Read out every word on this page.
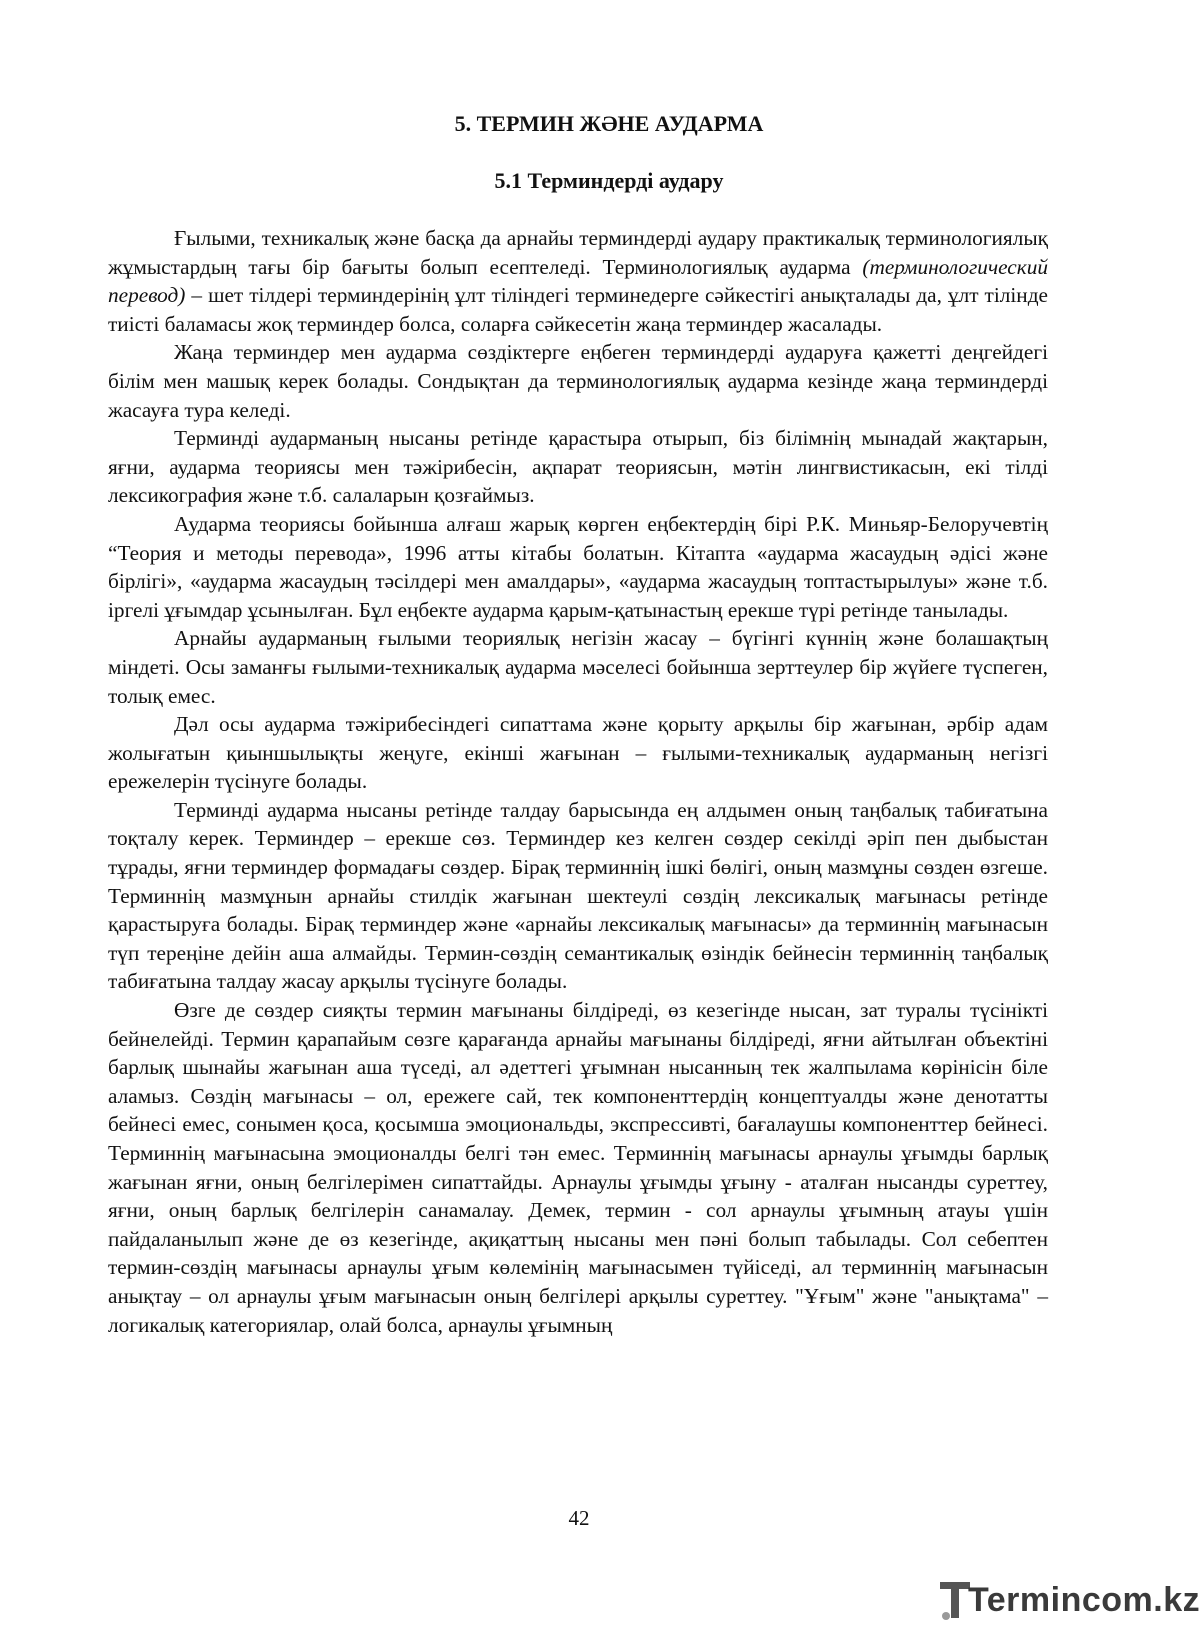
5. ТЕРМИН ЖӘНЕ АУДАРМА
5.1 Терминдерді аудару

Ғылыми, техникалық және басқа да арнайы терминдерді аудару практикалық терминологиялық жұмыстардың тағы бір бағыты болып есептеледі. Терминологиялық аударма (терминологический перевод) – шет тілдері терминдерінің ұлт тіліндегі терминедерге сәйкестігі анықталады да, ұлт тілінде тиісті баламасы жоқ терминдер болса, соларға сәйкесетін жаңа терминдер жасалады.

Жаңа терминдер мен аударма сөздіктерге еңбеген терминдерді аударуға қажетті деңгейдегі білім мен машық керек болады. Сондықтан да терминологиялық аударма кезінде жаңа терминдерді жасауға тура келеді.

Терминді аударманың нысаны ретінде қарастыра отырып, біз білімнің мынадай жақтарын, яғни, аударма теориясы мен тәжірибесін, ақпарат теориясын, мәтін лингвистикасын, екі тілді лексикография және т.б. салаларын қозғаймыз.

Аударма теориясы бойынша алғаш жарық көрген еңбектердің бірі Р.К. Миньяр-Белоручевтің “Теория и методы перевода», 1996 атты кітабы болатын. Кітапта «аударма жасаудың әдісі және бірлігі», «аударма жасаудың тәсілдері мен амалдары», «аударма жасаудың топтастырылуы» және т.б. іргелі ұғымдар ұсынылған. Бұл еңбекте аударма қарым-қатынастың ерекше түрі ретінде танылады.

Арнайы аударманың ғылыми теориялық негізін жасау – бүгінгі күннің және болашақтың міндеті. Осы заманғы ғылыми-техникалық аударма мәселесі бойынша зерттеулер бір жүйеге түспеген, толық емес.

Дәл осы аударма тәжірибесіндегі сипаттама және қорыту арқылы бір жағынан, әрбір адам жолығатын қиыншылықты жеңуге, екінші жағынан – ғылыми-техникалық аударманың негізгі ережелерін түсінуге болады.

Терминді аударма нысаны ретінде талдау барысында ең алдымен оның таңбалық табиғатына тоқталу керек. Терминдер – ерекше сөз. Терминдер кез келген сөздер секілді әріп пен дыбыстан тұрады, яғни терминдер формадағы сөздер. Бірақ терминнің ішкі бөлігі, оның мазмұны сөзден өзгеше. Терминнің мазмұнын арнайы стилдік жағынан шектеулі сөздің лексикалық мағынасы ретінде қарастыруға болады. Бірақ терминдер және «арнайы лексикалық мағынасы» да терминнің мағынасын түп тереңіне дейін аша алмайды. Термин-сөздің семантикалық өзіндік бейнесін терминнің таңбалық табиғатына талдау жасау арқылы түсінуге болады.

Өзге де сөздер сияқты термин мағынаны білдіреді, өз кезегінде нысан, зат туралы түсінікті бейнелейді. Термин қарапайым сөзге қарағанда арнайы мағынаны білдіреді, яғни айтылған объектіні барлық шынайы жағынан аша түседі, ал әдеттегі ұғымнан нысанның тек жалпылама көрінісін біле аламыз. Сөздің мағынасы – ол, ережеге сай, тек компоненттердің концептуалды және денотатты бейнесі емес, сонымен қоса, қосымша эмоциональды, экспрессивті, бағалаушы компоненттер бейнесі. Терминнің мағынасына эмоционалды белгі тән емес. Терминнің мағынасы арнаулы ұғымды барлық жағынан яғни, оның белгілерімен сипаттайды. Арнаулы ұғымды ұғыну - аталған нысанды суреттеу, яғни, оның барлық белгілерін санамалау. Демек, термин - сол арнаулы ұғымның атауы үшін пайдаланылып және де өз кезегінде, ақиқаттың нысаны мен пәні болып табылады. Сол себептен термин-сөздің мағынасы арнаулы ұғым көлемінің мағынасымен түйіседі, ал терминнің мағынасын анықтау – ол арнаулы ұғым мағынасын оның белгілері арқылы суреттеу. "Ұғым" және "анықтама" – логикалық категориялар, олай болса, арнаулы ұғымның

42
Termincom.kz
